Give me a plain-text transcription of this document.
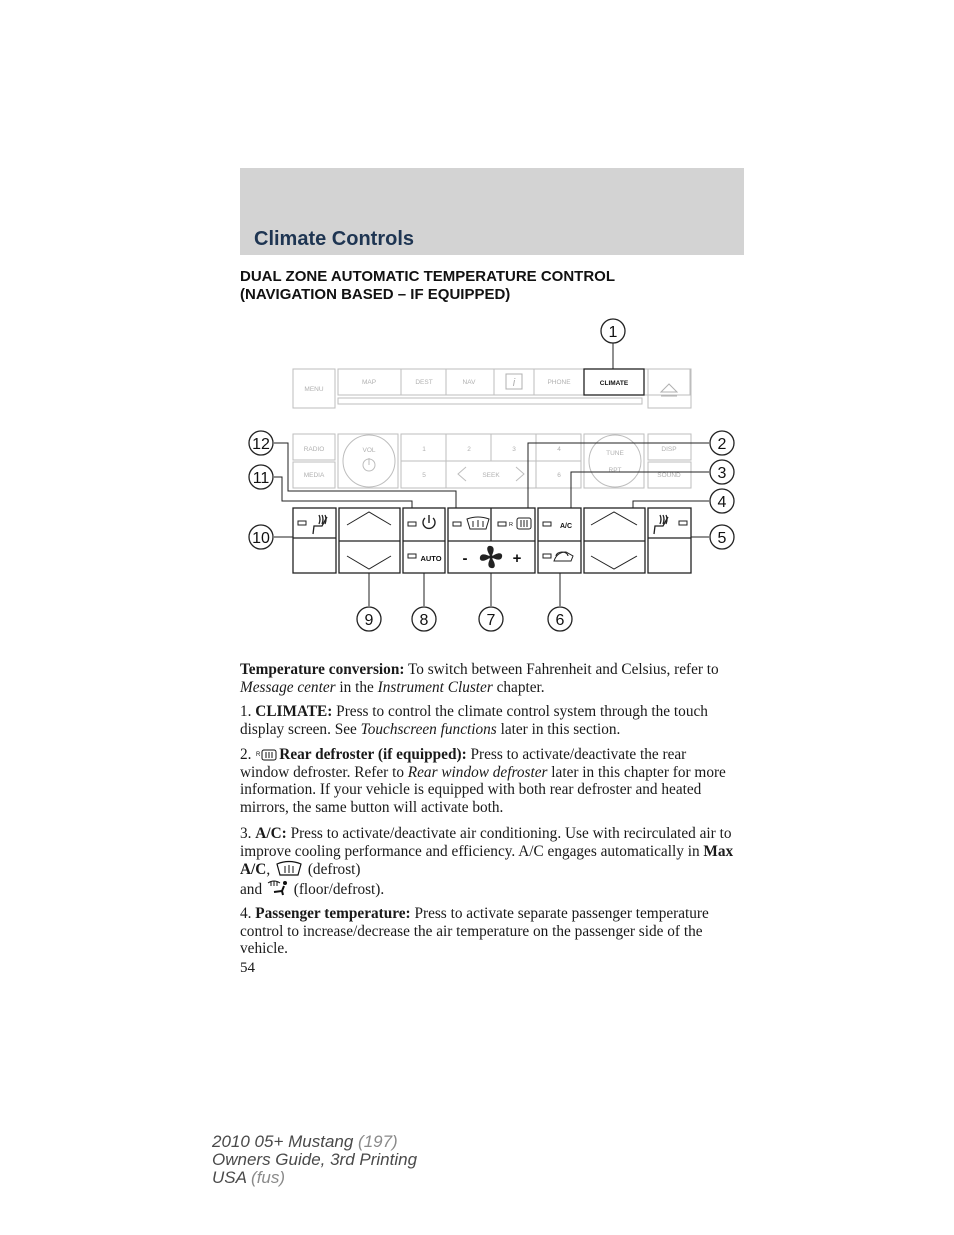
Climate Controls
DUAL ZONE AUTOMATIC TEMPERATURE CONTROL
(NAVIGATION BASED – IF EQUIPPED)
MENU
MAP	DEST	NAV	PHONE
RADIO
MEDIA
VOL	1	2	3	4
5	SEEK	6
TUNE
RPT
DISP
SOUND
i	CLIMATE
A/C
AUTO -	+
R
1
2
3
4
5
6
7
8
9
10
11
12

Temperature conversion: To switch between Fahrenheit and Celsius, refer to Message center in the Instrument Cluster chapter.

1. CLIMATE: Press to control the climate control system through the touch display screen. See Touchscreen functions later in this section.

2. R Rear defroster (if equipped): Press to activate/deactivate the rear window defroster. Refer to Rear window defroster later in this chapter for more information. If your vehicle is equipped with both rear defroster and heated mirrors, the same button will activate both.

3. A/C: Press to activate/deactivate air conditioning. Use with recirculated air to improve cooling performance and efficiency. A/C engages automatically in Max A/C,  (defrost)
and  (floor/defrost).

4. Passenger temperature: Press to activate separate passenger temperature control to increase/decrease the air temperature on the passenger side of the vehicle.

54
2010 05+ Mustang (197)
Owners Guide, 3rd Printing
USA (fus)
